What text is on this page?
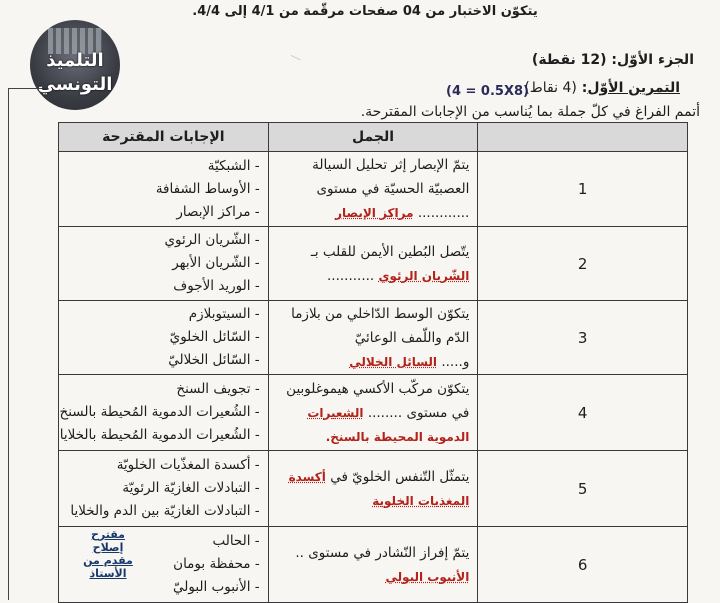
يتكوّن الاختبار من 04 صفحات مرقّمة من 4/1 إلى 4/4.
التلميذ
التونسي
—	الجزء الأوّل: (12 نقطة)
التمرين الأوّل: (4 نقاط)
(4 = 0.5X8)
أتمم الفراغ في كلّ جملة بما يُناسب من الإجابات المقترحة.
	الجمل	الإجابات المقترحة
1	يتمّ الإبصار إثر تحليل السيالة العصبيّة الحسيّة في مستوى
............ مراكز الإبصار	- الشبكيّة
- الأوساط الشفافة
- مراكز الإبصار

2	يتّصل البُطين الأيمن للقلب بـ الشّريان الرئوي ...........	- الشّريان الرئوي
- الشّريان الأبهر
- الوريد الأجوف

3	يتكوّن الوسط الدّاخلي من بلازما الدّم واللّمف الوعائيّ
و..... السائل الخلالي	- السيتوبلازم
- السّائل الخلويّ
- السّائل الخلاليّ

4	يتكوّن مركّب الأكسي هيموغلوبين في مستوى ........ الشعيرات
الدموية المحيطة بالسنخ.	- تجويف السنخ
- الشُعيرات الدموية المُحيطة بالسنخ
- الشُعيرات الدموية المُحيطة بالخلايا

5	يتمثّل التّنفس الخلويّ في أكسدة المغذيات الخلوية	- أكسدة المغذّيات الخلويّة
- التبادلات الغازيّة الرئويّة
- التبادلات الغازيّة بين الدم والخلايا

6	يتمّ إفراز النّشادر في مستوى .. الأنبوب البولي	- الحالب
- محفظة بومان
- الأنبوب البوليّ
مقترح
إصلاح
مقدم من
الأستاذ
